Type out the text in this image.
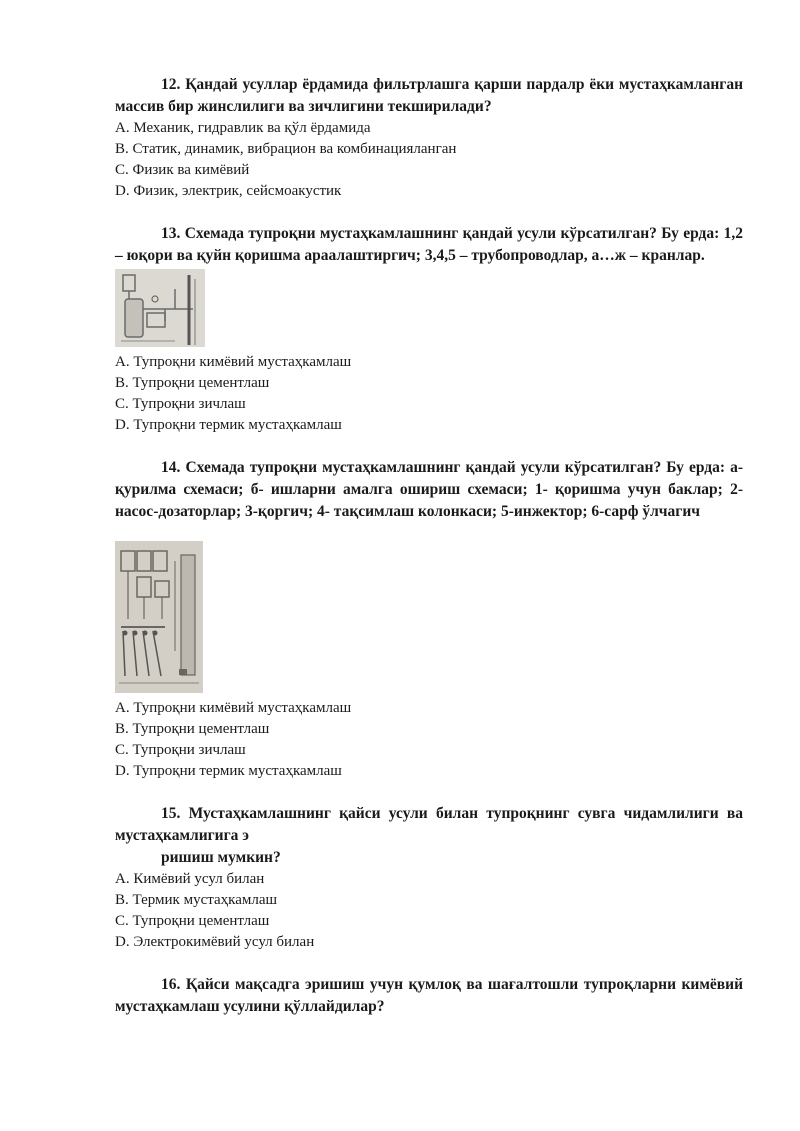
12. Қандай усуллар ёрдамида фильтрлашга қарши пардалр ёки мустаҳкамланган массив бир жинслилиги ва зичлигини текширилади?

A. Механик, гидравлик ва қўл ёрдамида
B. Статик, динамик, вибрацион ва комбинацияланган
C. Физик ва кимёвий
D. Физик, электрик, сейсмоакустик

13. Схемада тупроқни мустаҳкамлашнинг қандай усули кўрсатилган? Бу ерда: 1,2 – юқори ва қуйн қоришма араалаштиргич; 3,4,5 – трубопроводлар, а…ж – кранлар.

A. Тупроқни кимёвий мустаҳкамлаш
B. Тупроқни цементлаш
C. Тупроқни зичлаш
D. Тупроқни термик мустаҳкамлаш

14. Схемада тупроқни мустаҳкамлашнинг қандай усули кўрсатилган? Бу ерда: а-қурилма схемаси; б- ишларни амалга ошириш схемаси; 1- қоришма учун баклар; 2-насос-дозаторлар; 3-қоргич; 4- тақсимлаш колонкаси; 5-инжектор; 6-сарф ўлчагич

A. Тупроқни кимёвий мустаҳкамлаш
B. Тупроқни цементлаш
C. Тупроқни зичлаш
D. Тупроқни термик мустаҳкамлаш

15. Мустаҳкамлашнинг қайси усули билан тупроқнинг сувга чидамлилиги ва мустаҳкамлигига э
ришиш мумкин?

A. Кимёвий усул билан
B. Термик мустаҳкамлаш
C. Тупроқни цементлаш
D. Электрокимёвий усул билан

16. Қайси мақсадга эришиш учун қумлоқ ва шағалтошли тупроқларни кимёвий мустаҳкамлаш усулини қўллайдилар?
